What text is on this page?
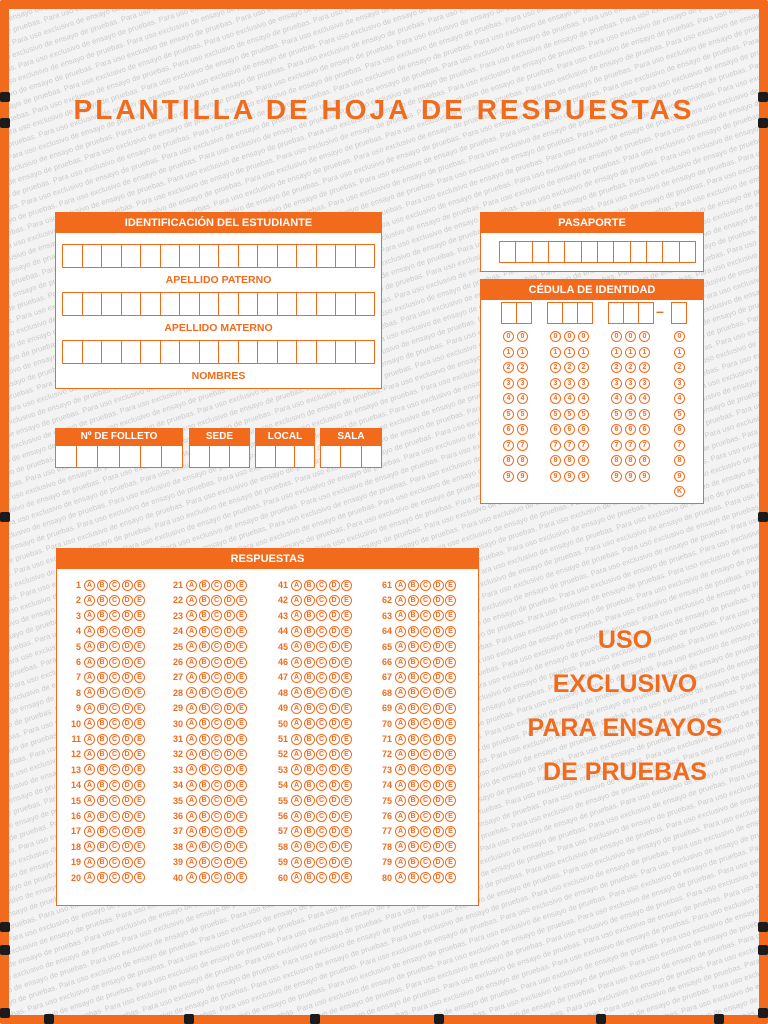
ensayo de pruebas. Para uso exclusivo de ensayo de pruebas. Para uso exclusivo de ensayo de de ensayo de pruebas. Para de pruebas. Para uso
pruebas. Para uso ensayo de pruebas. Para uso exclusivo de ensayo de pruebas. Para uso de pruebas. Para uso Para uso exclusivo
uso exclusivo de Para uso exclusivo de ensayo de pruebas. Para uso exclusivo de ensayo de pruebas. Para uso exclusivo de uso exclusivo de ensayo
pruebas. Para uso Para uso exclusivo de ensayo de pruebas. Para uso exclusivo de ensayo de pruebas. Para uso pruebas. Para uso exclusivo
Para uso exclusivo ensayo de pruebas. Para uso exclusivo de ensayo de pruebas. Para uso exclusivo de uso exclusivo de ensayo
exclusivo de ensayo uso exclusivo de ensayo de pruebas. Para uso exclusivo de ensayo exclusivo de ensayo de
ensayo de pruebas. ensayo de pruebas. Para uso exclusivo de ensayo de pruebas. ensayo de pruebas.
de pruebas. Para uso exclusivo de ensayo de pruebas. Para pruebas. Para uso
pruebas. Para uso exclusivo ensayo de pruebas. Para uso exclusivo de Para uso exclusivo
de pruebas. Para ensayo de pruebas. Para uso exclusivo de de pruebas. Para uso
pruebas. Para uso uso exclusivo de ensayo de pruebas. Para uso exclusivo
uso exclusivo de ensayo de pruebas. Para uso exclusivo de exclusivo de ensayo
exclusivo de ensayo de pruebas. Para uso exclusivo de ensayo de pruebas. de ensayo de pruebas.
ensayo de pruebas. Para uso exclusivo de ensayo de pruebas. Para uso exclusivo de de pruebas. Para
pruebas. Para uso exclusivo de ensayo de pruebas. Para uso exclusivo de ensayo de pruebas. Para uso exclusivo
ensayo de pruebas. Para uso exclusivo de ensayo de pruebas. Para uso exclusivo de ensayo de pruebas. Para
pruebas. Para uso exclusivo de ensayo de pruebas. Para uso exclusivo de ensayo de pruebas. Para uso
Para uso exclusivo de ensayo de pruebas. Para uso exclusivo de ensayo de pruebas. Para uso exclusivo de
exclusivo de ensayo de pruebas. Para uso exclusivo de ensayo de pruebas. Para uso exclusivo de ensayo
de ensayo de pruebas. Para uso exclusivo de ensayo de pruebas. Para uso exclusivo de ensayo de pruebas.
ensayo de pruebas. Para uso exclusivo de ensayo de pruebas. Para uso exclusivo de ensayo de pruebas. Para uso
exclusivo de ensayo de pruebas. Para uso exclusivo de ensayo de pruebas. Para uso exclusivo de ensayo de pruebas.
ensayo de pruebas. uso exclusivo de ensayo de pruebas. Para uso exclusivo de ensayo de pruebas. Para
pruebas. Para uso exclusivo de ensayo de pruebas. Para uso exclusivo de ensayo de pruebas. Para uso exclusivo
Para uso exclusivo de ensayo de pruebas. Para uso exclusivo de ensayo de pruebas. Para uso exclusivo de ensayo
exclusivo de ensayo de pruebas. Para uso exclusivo de ensayo de pruebas. Para uso exclusivo de ensayo de pruebas.
ensayo de pruebas. Para uso exclusivo de ensayo de pruebas. Para uso exclusivo de ensayo de pruebas. Para
exclusivo de ensayo de pruebas. Para uso exclusivo de ensayo de pruebas. Para uso exclusivo de ensayo de
de ensayo de pruebas. Para uso exclusivo de ensayo de pruebas. Para uso exclusivo de ensayo de pruebas.
pruebas. Para uso uso exclusivo de ensayo de pruebas. Para uso exclusivo de ensayo de pruebas. Para uso
Para uso exclusivo de ensayo de de ensayo de pruebas. Para uso exclusivo de ensayo de pruebas. Para uso exclusivo
uso exclusivo de ensayo de pruebas. Para uso ensayo de pruebas. Para uso exclusivo de ensayo de pruebas. Para uso exclusivo de ensayo
exclusivo de ensayo de pruebas. Para uso exclusivo de ensayo de pruebas. Para uso exclusivo de ensayo de pruebas. Para uso exclusivo de ensayo de pruebas.
uso exclusivo de ensayo de pruebas. Para uso exclusivo de ensayo de ensayo de pruebas. Para uso exclusivo de ensayo de pruebas. Para uso exclusivo de ensayo
exclusivo de ensayo de pruebas. Para uso exclusivo de ensayo de pruebas. Para uso pruebas. Para uso exclusivo de ensayo de pruebas. Para uso exclusivo de ensayo de pruebas.
ensayo de pruebas. Para uso exclusivo de ensayo de pruebas. Para uso exclusivo de ensayo de Para uso exclusivo de ensayo de pruebas. Para uso exclusivo de ensayo de pruebas. Para
pruebas. Para uso exclusivo de ensayo de pruebas. Para uso exclusivo de ensayo de pruebas. Para uso exclusivo de ensayo de pruebas. Para uso exclusivo de ensayo de pruebas. Para uso exclusivo
exclusivo de ensayo de pruebas. Para uso exclusivo de ensayo de pruebas. Para uso exclusivo de ensayo de de ensayo de pruebas. Para uso exclusivo de ensayo de pruebas. Para uso exclusivo de
de pruebas. Para uso exclusivo de ensayo de pruebas. Para uso exclusivo de ensayo de pruebas. Para uso de pruebas. Para uso exclusivo de ensayo de pruebas. Para uso exclusivo de ensayo de
de pruebas. Para uso exclusivo de ensayo de pruebas. Para uso exclusivo de ensayo de pruebas. Para uso de ensayo de pruebas. Para uso exclusivo de ensayo de pruebas. Para uso exclusivo de
exclusivo de ensayo de pruebas. Para uso exclusivo de ensayo de pruebas. Para uso exclusivo de ensayo de pruebas. Para uso exclusivo de ensayo de pruebas. Para uso exclusivo de ensayo
pruebas. Para uso exclusivo de ensayo de pruebas. Para uso exclusivo de ensayo de pruebas. Para uso exclusivo de ensayo de pruebas. Para uso exclusivo de ensayo de pruebas.
exclusivo de ensayo de pruebas. Para uso exclusivo de ensayo de pruebas. Para uso exclusivo de ensayo de pruebas. Para uso exclusivo de ensayo de pruebas. Para uso
de pruebas. Para uso exclusivo de ensayo de pruebas. Para uso exclusivo de ensayo de pruebas. Para uso exclusivo de ensayo de pruebas. Para uso exclusivo
de ensayo de pruebas. Para uso exclusivo de ensayo de pruebas. Para uso exclusivo de ensayo de pruebas. Para uso exclusivo de ensayo
exclusivo de ensayo de pruebas. Para uso exclusivo de ensayo de pruebas. Para uso exclusivo de ensayo de pruebas. Para uso exclusivo
de pruebas. Para uso exclusivo de ensayo de pruebas. Para uso exclusivo de ensayo de pruebas. Para uso exclusivo de ensayo
exclusivo de ensayo de pruebas. Para uso exclusivo de ensayo de pruebas. Para uso exclusivo de ensayo de
de pruebas. Para uso exclusivo de ensayo de pruebas. Para uso exclusivo de ensayo de pruebas.
exclusivo de ensayo de pruebas. Para uso exclusivo de ensayo de pruebas. Para uso
de pruebas. Para uso exclusivo de ensayo de pruebas. Para uso exclusivo
de pruebas. Para uso exclusivo de ensayo de pruebas. Para uso
exclusivo de ensayo de pruebas. Para uso exclusivo
de pruebas. Para uso exclusivo de ensayo
exclusivo de ensayo de pruebas.
pruebas.
de
PLANTILLA DE HOJA DE RESPUESTAS
IDENTIFICACIÓN DEL ESTUDIANTE
APELLIDO PATERNO
APELLIDO MATERNO
NOMBRES
Nº DE FOLLETO	SEDE	LOCAL	SALA
PASAPORTE
CÉDULA DE IDENTIDAD
–
0
1
2
3
4
5
6
7
8
9
0
1
2
3
4
5
6
7
8
9
0
1
2
3
4
5
6
7
8
9
0
1
2
3
4
5
6
7
8
9
0
1
2
3
4
5
6
7
8
9
0
1
2
3
4
5
6
7
8
9
0
1
2
3
4
5
6
7
8
9
0
1
2
3
4
5
6
7
8
9
0
1
2
3
4
5
6
7
8
9
K
RESPUESTAS
1 A	B	C	D	E
2 A	B	C	D	E
3 A	B	C	D	E
4 A	B	C	D	E
5 A	B	C	D	E
6 A	B	C	D	E
7 A	B	C	D	E
8 A	B	C	D	E
9 A	B	C	D	E
10 A	B	C	D	E
11 A	B	C	D	E
12 A	B	C	D	E
13 A	B	C	D	E
14 A	B	C	D	E
15 A	B	C	D	E
16 A	B	C	D	E
17 A	B	C	D	E
18 A	B	C	D	E
19 A	B	C	D	E
20 A	B	C	D	E
21 A	B	C	D	E
22 A	B	C	D	E
23 A	B	C	D	E
24 A	B	C	D	E
25 A	B	C	D	E
26 A	B	C	D	E
27 A	B	C	D	E
28 A	B	C	D	E
29 A	B	C	D	E
30 A	B	C	D	E
31 A	B	C	D	E
32 A	B	C	D	E
33 A	B	C	D	E
34 A	B	C	D	E
35 A	B	C	D	E
36 A	B	C	D	E
37 A	B	C	D	E
38 A	B	C	D	E
39 A	B	C	D	E
40 A	B	C	D	E
41 A	B	C	D	E
42 A	B	C	D	E
43 A	B	C	D	E
44 A	B	C	D	E
45 A	B	C	D	E
46 A	B	C	D	E
47 A	B	C	D	E
48 A	B	C	D	E
49 A	B	C	D	E
50 A	B	C	D	E
51 A	B	C	D	E
52 A	B	C	D	E
53 A	B	C	D	E
54 A	B	C	D	E
55 A	B	C	D	E
56 A	B	C	D	E
57 A	B	C	D	E
58 A	B	C	D	E
59 A	B	C	D	E
60 A	B	C	D	E
61 A	B	C	D	E
62 A	B	C	D	E
63 A	B	C	D	E
64 A	B	C	D	E
65 A	B	C	D	E
66 A	B	C	D	E
67 A	B	C	D	E
68 A	B	C	D	E
69 A	B	C	D	E
70 A	B	C	D	E
71 A	B	C	D	E
72 A	B	C	D	E
73 A	B	C	D	E
74 A	B	C	D	E
75 A	B	C	D	E
76 A	B	C	D	E
77 A	B	C	D	E
78 A	B	C	D	E
79 A	B	C	D	E
80 A	B	C	D	E
USO
EXCLUSIVO
PARA ENSAYOS
DE PRUEBAS
